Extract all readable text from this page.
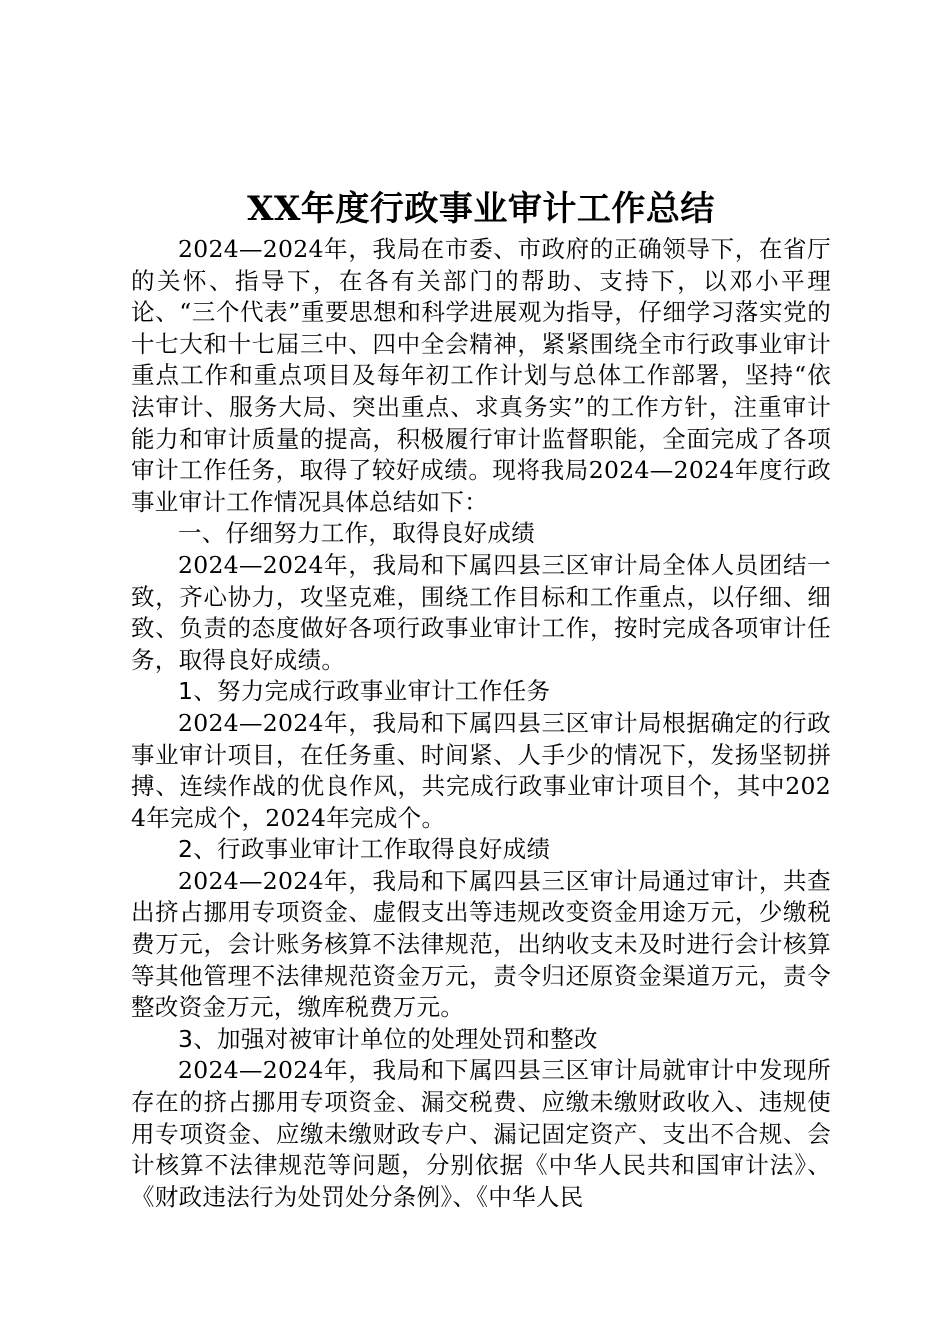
XX年度行政事业审计工作总结

2024—2024年，我局在市委、市政府的正确领导下，在省厅的关怀、指导下，在各有关部门的帮助、支持下，以邓小平理论、“三个代表”重要思想和科学进展观为指导，仔细学习落实党的十七大和十七届三中、四中全会精神，紧紧围绕全市行政事业审计重点工作和重点项目及每年初工作计划与总体工作部署，坚持“依法审计、服务大局、突出重点、求真务实”的工作方针，注重审计能力和审计质量的提高，积极履行审计监督职能，全面完成了各项审计工作任务，取得了较好成绩。现将我局2024—2024年度行政事业审计工作情况具体总结如下：

一、仔细努力工作，取得良好成绩

2024—2024年，我局和下属四县三区审计局全体人员团结一致，齐心协力，攻坚克难，围绕工作目标和工作重点，以仔细、细致、负责的态度做好各项行政事业审计工作，按时完成各项审计任务，取得良好成绩。

1、努力完成行政事业审计工作任务

2024—2024年，我局和下属四县三区审计局根据确定的行政事业审计项目，在任务重、时间紧、人手少的情况下，发扬坚韧拼搏、连续作战的优良作风，共完成行政事业审计项目个，其中2024年完成个，2024年完成个。

2、行政事业审计工作取得良好成绩

2024—2024年，我局和下属四县三区审计局通过审计，共查出挤占挪用专项资金、虚假支出等违规改变资金用途万元，少缴税费万元，会计账务核算不法律规范，出纳收支未及时进行会计核算等其他管理不法律规范资金万元，责令归还原资金渠道万元，责令整改资金万元，缴库税费万元。

3、加强对被审计单位的处理处罚和整改

2024—2024年，我局和下属四县三区审计局就审计中发现所存在的挤占挪用专项资金、漏交税费、应缴未缴财政收入、违规使用专项资金、应缴未缴财政专户、漏记固定资产、支出不合规、会计核算不法律规范等问题，分别依据《中华人民共和国审计法》、《财政违法行为处罚处分条例》、《中华人民
